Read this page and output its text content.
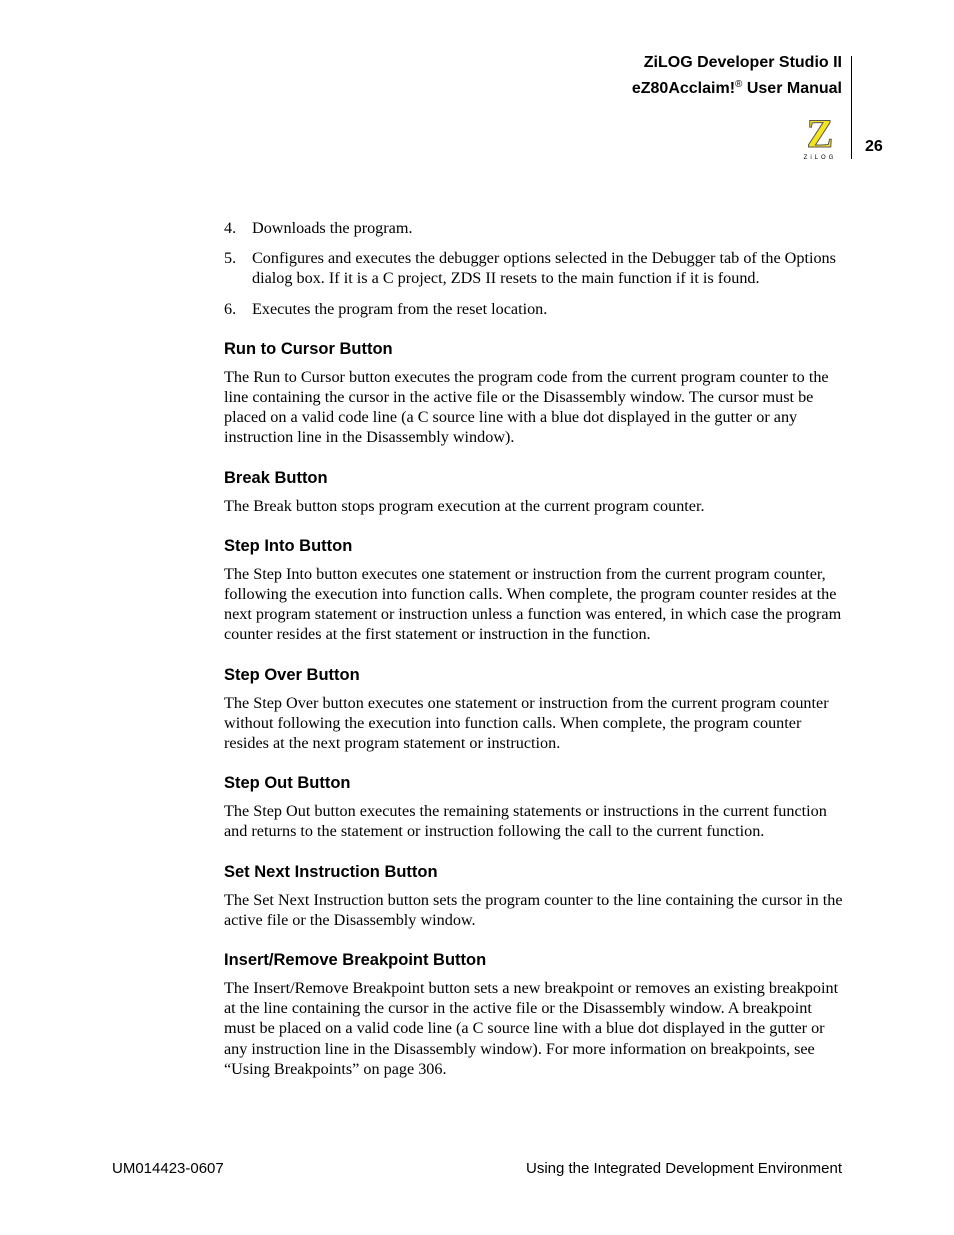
ZiLOG Developer Studio II
eZ80Acclaim!® User Manual
Z
ZiLOG
26
4. Downloads the program.
5. Configures and executes the debugger options selected in the Debugger tab of the Options dialog box. If it is a C project, ZDS II resets to the main function if it is found.
6. Executes the program from the reset location.
Run to Cursor Button

The Run to Cursor button executes the program code from the current program counter to the line containing the cursor in the active file or the Disassembly window. The cursor must be placed on a valid code line (a C source line with a blue dot displayed in the gutter or any instruction line in the Disassembly window).

Break Button

The Break button stops program execution at the current program counter.

Step Into Button

The Step Into button executes one statement or instruction from the current program counter, following the execution into function calls. When complete, the program counter resides at the next program statement or instruction unless a function was entered, in which case the program counter resides at the first statement or instruction in the function.

Step Over Button

The Step Over button executes one statement or instruction from the current program counter without following the execution into function calls. When complete, the program counter resides at the next program statement or instruction.

Step Out Button

The Step Out button executes the remaining statements or instructions in the current function and returns to the statement or instruction following the call to the current function.

Set Next Instruction Button

The Set Next Instruction button sets the program counter to the line containing the cursor in the active file or the Disassembly window.

Insert/Remove Breakpoint Button

The Insert/Remove Breakpoint button sets a new breakpoint or removes an existing breakpoint at the line containing the cursor in the active file or the Disassembly window. A breakpoint must be placed on a valid code line (a C source line with a blue dot displayed in the gutter or any instruction line in the Disassembly window). For more information on breakpoints, see “Using Breakpoints” on page 306.

UM014423-0607	Using the Integrated Development Environment
